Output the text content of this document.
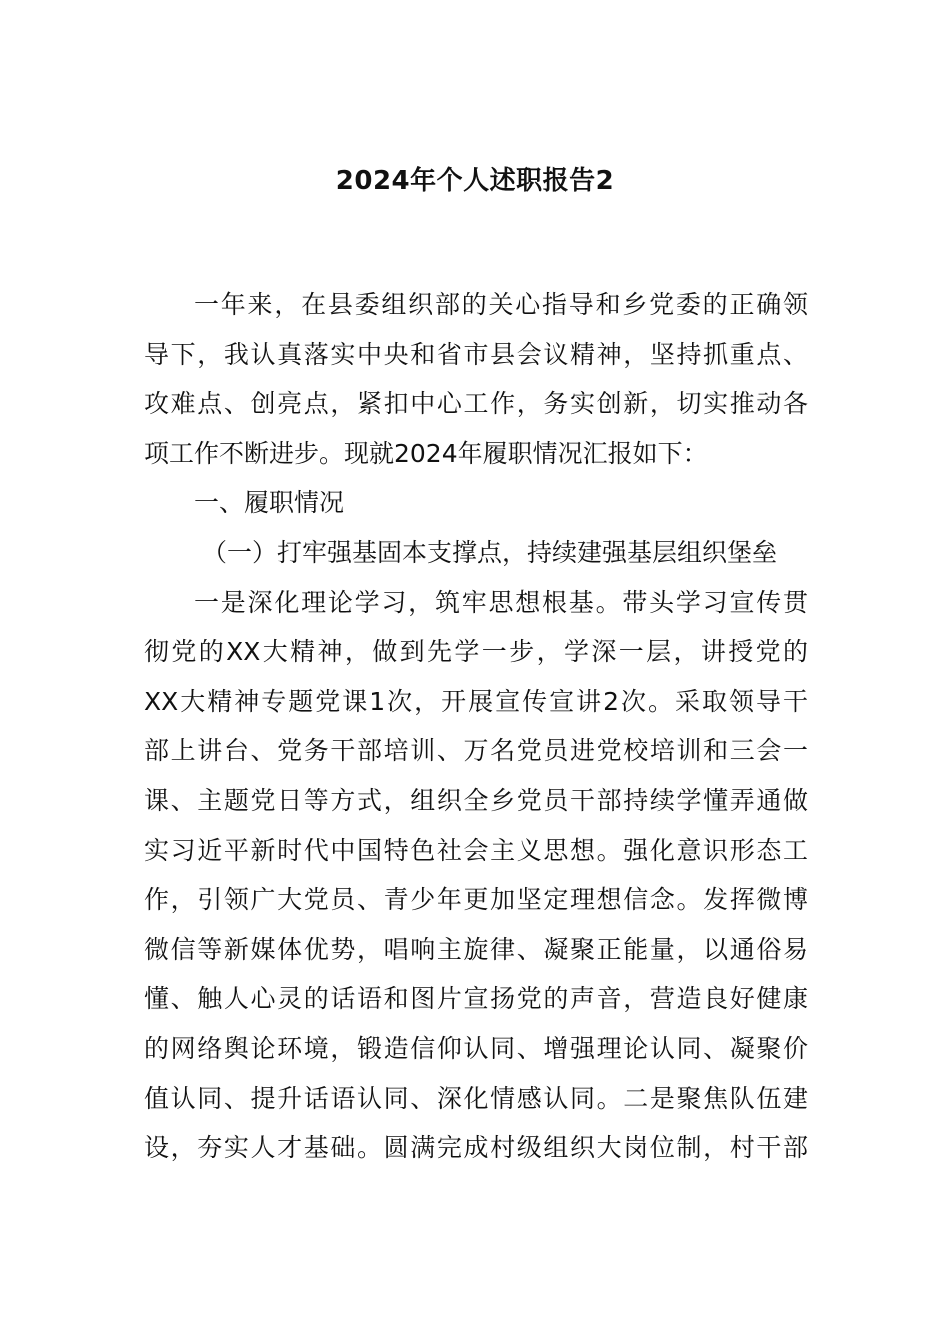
2024年个人述职报告2
一年来，在县委组织部的关心指导和乡党委的正确领
导下，我认真落实中央和省市县会议精神，坚持抓重点、
攻难点、创亮点，紧扣中心工作，务实创新，切实推动各
项工作不断进步。现就2024年履职情况汇报如下：
一、履职情况
（一）打牢强基固本支撑点，持续建强基层组织堡垒
一是深化理论学习，筑牢思想根基。带头学习宣传贯
彻党的XX大精神，做到先学一步，学深一层，讲授党的
XX大精神专题党课1次，开展宣传宣讲2次。采取领导干
部上讲台、党务干部培训、万名党员进党校培训和三会一
课、主题党日等方式，组织全乡党员干部持续学懂弄通做
实习近平新时代中国特色社会主义思想。强化意识形态工
作，引领广大党员、青少年更加坚定理想信念。发挥微博
微信等新媒体优势，唱响主旋律、凝聚正能量，以通俗易
懂、触人心灵的话语和图片宣扬党的声音，营造良好健康
的网络舆论环境，锻造信仰认同、增强理论认同、凝聚价
值认同、提升话语认同、深化情感认同。二是聚焦队伍建
设，夯实人才基础。圆满完成村级组织大岗位制，村干部
